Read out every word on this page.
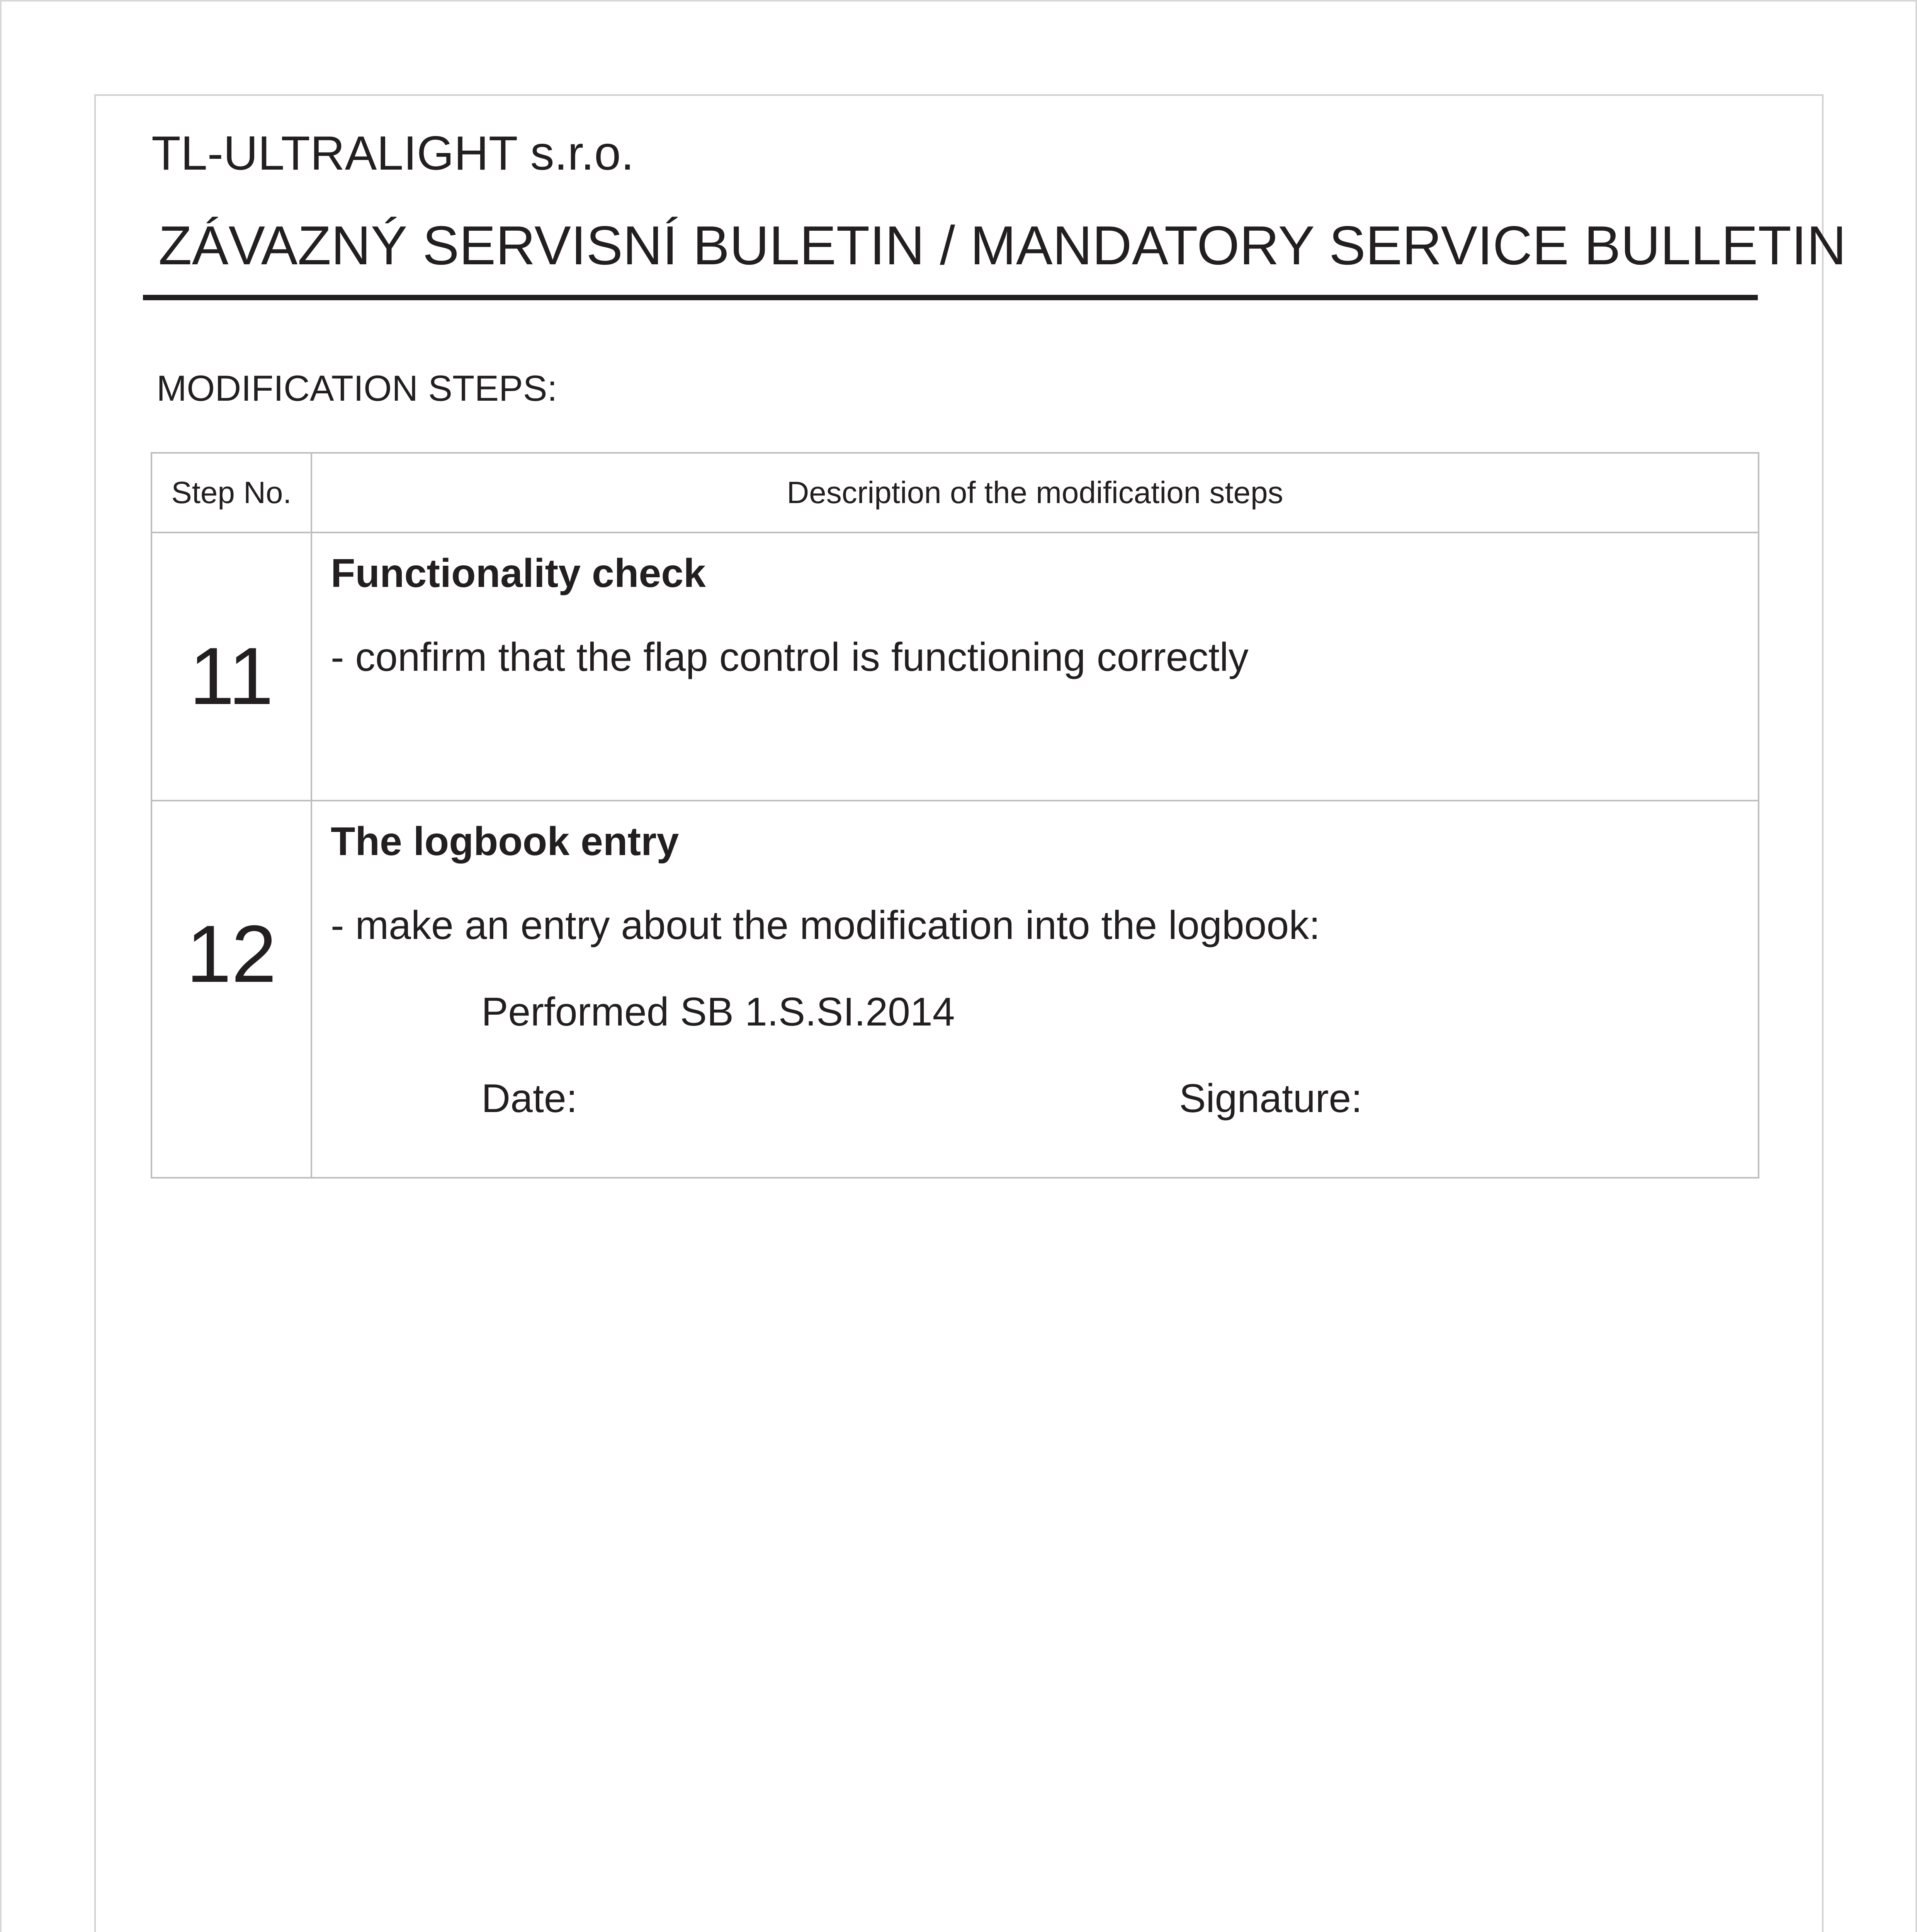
TL-ULTRALIGHT s.r.o.
ZÁVAZNÝ SERVISNÍ BULETIN / MANDATORY SERVICE BULLETIN
MODIFICATION STEPS:
Step No.	Description of the modification steps
11	Functionality check

- confirm that the flap control is functioning correctly

12	The logbook entry

- make an entry about the modification into the logbook:

Performed SB 1.S.SI.2014

Date: Signature:
